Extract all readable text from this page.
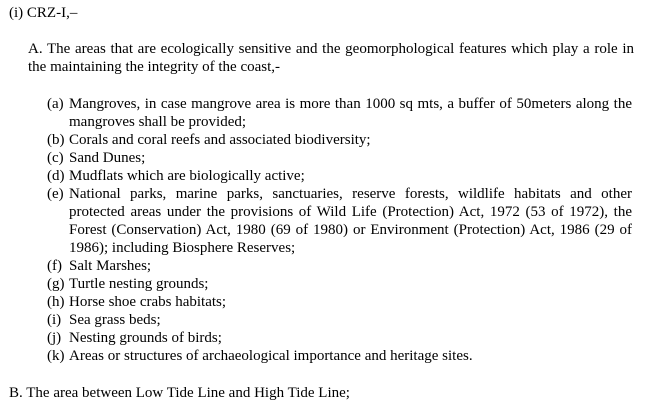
(i) CRZ-I,–
A. The areas that are ecologically sensitive and the geomorphological features which play a role in the maintaining the integrity of the coast,-
(a) Mangroves, in case mangrove area is more than 1000 sq mts, a buffer of 50meters along the mangroves shall be provided;
(b) Corals and coral reefs and associated biodiversity;
(c) Sand Dunes;
(d) Mudflats which are biologically active;
(e) National parks, marine parks, sanctuaries, reserve forests, wildlife habitats and other protected areas under the provisions of Wild Life (Protection) Act, 1972 (53 of 1972), the Forest (Conservation) Act, 1980 (69 of 1980) or Environment (Protection) Act, 1986 (29 of 1986); including Biosphere Reserves;
(f) Salt Marshes;
(g) Turtle nesting grounds;
(h) Horse shoe crabs habitats;
(i) Sea grass beds;
(j) Nesting grounds of birds;
(k) Areas or structures of archaeological importance and heritage sites.
B. The area between Low Tide Line and High Tide Line;
